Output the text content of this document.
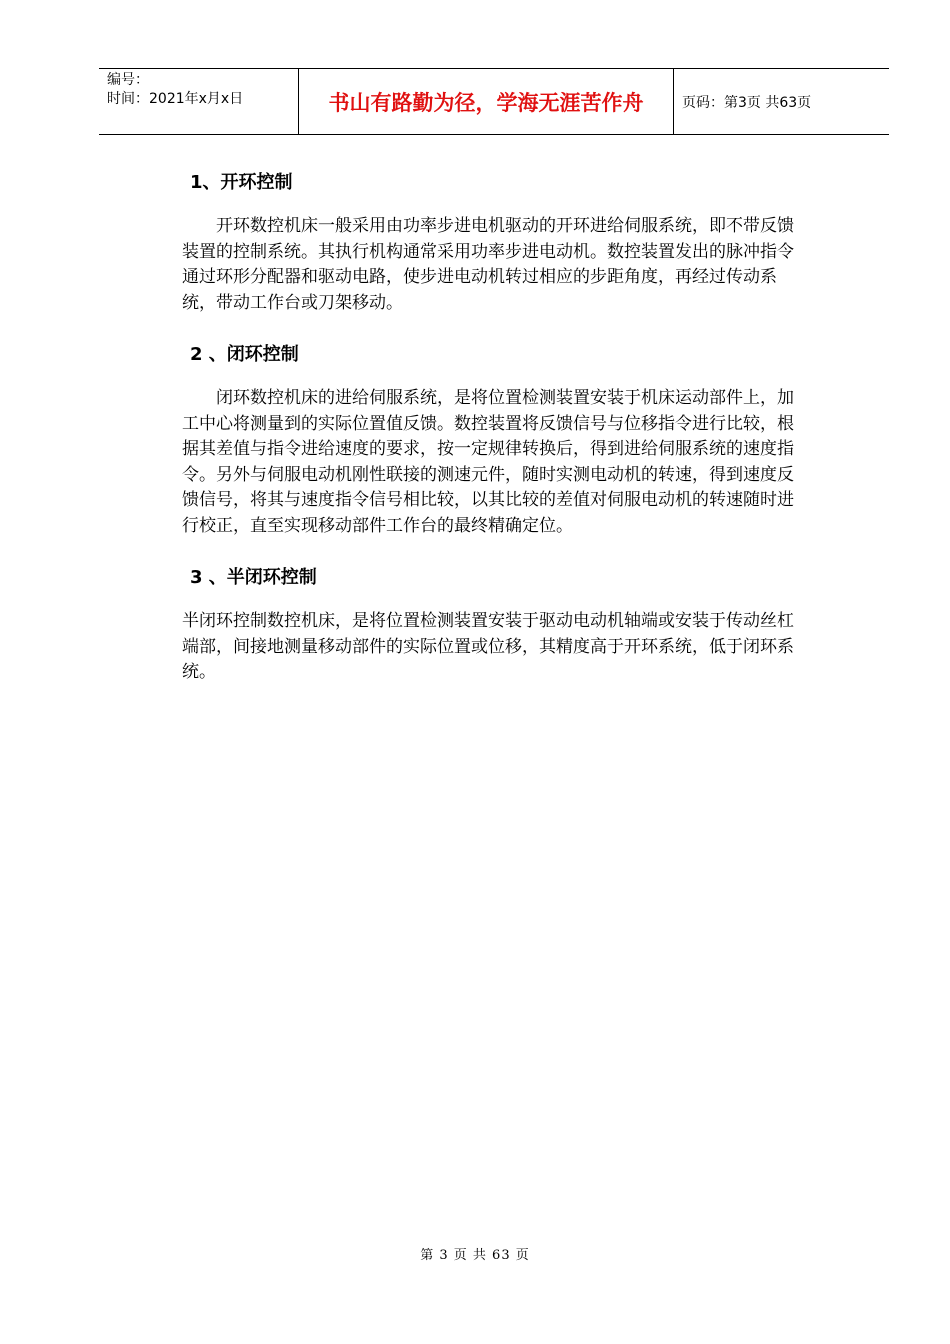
编号：
时间：2021年x月x日	书山有路勤为径，学海无涯苦作舟	页码：第3页 共63页
1、开环控制

开环数控机床一般采用由功率步进电机驱动的开环进给伺服系统，即不带反馈装置的控制系统。其执行机构通常采用功率步进电动机。数控装置发出的脉冲指令通过环形分配器和驱动电路，使步进电动机转过相应的步距角度，再经过传动系统，带动工作台或刀架移动。

2 、闭环控制

闭环数控机床的进给伺服系统，是将位置检测装置安装于机床运动部件上，加工中心将测量到的实际位置值反馈。数控装置将反馈信号与位移指令进行比较，根据其差值与指令进给速度的要求，按一定规律转换后，得到进给伺服系统的速度指令。另外与伺服电动机刚性联接的测速元件，随时实测电动机的转速，得到速度反馈信号，将其与速度指令信号相比较，以其比较的差值对伺服电动机的转速随时进行校正，直至实现移动部件工作台的最终精确定位。

3 、半闭环控制

半闭环控制数控机床，是将位置检测装置安装于驱动电动机轴端或安装于传动丝杠端部，间接地测量移动部件的实际位置或位移，其精度高于开环系统，低于闭环系统。

第 3 页 共 63 页
